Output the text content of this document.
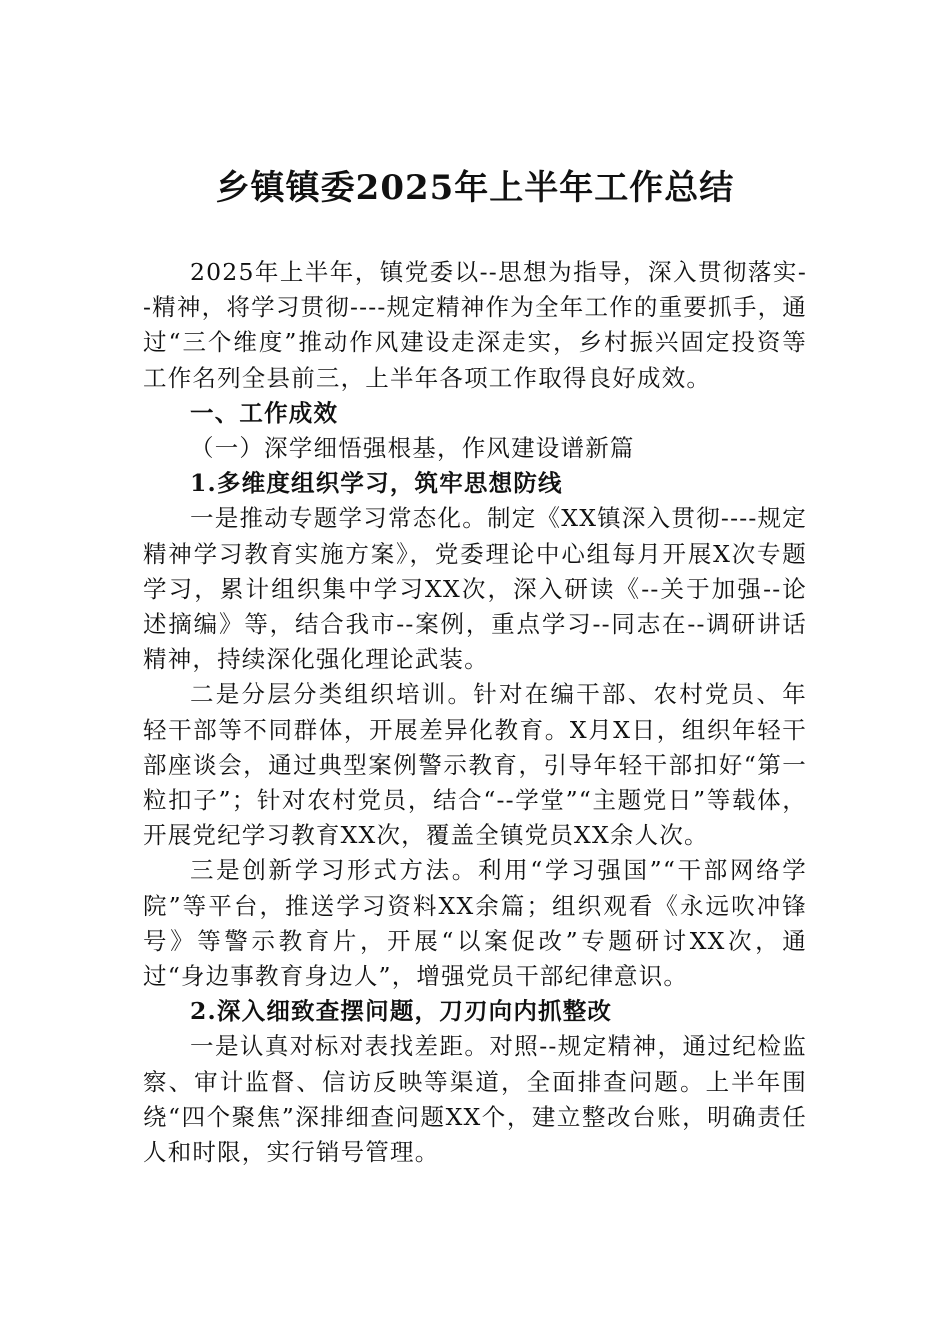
乡镇镇委2025年上半年工作总结

2025年上半年，镇党委以--思想为指导，深入贯彻落实--精神，将学习贯彻----规定精神作为全年工作的重要抓手，通过“三个维度”推动作风建设走深走实，乡村振兴固定投资等工作名列全县前三，上半年各项工作取得良好成效。

一、工作成效

（一）深学细悟强根基，作风建设谱新篇

1.多维度组织学习，筑牢思想防线

一是推动专题学习常态化。制定《XX镇深入贯彻----规定精神学习教育实施方案》，党委理论中心组每月开展X次专题学习，累计组织集中学习XX次，深入研读《--关于加强--论述摘编》等，结合我市--案例，重点学习--同志在--调研讲话精神，持续深化强化理论武装。

二是分层分类组织培训。针对在编干部、农村党员、年轻干部等不同群体，开展差异化教育。X月X日，组织年轻干部座谈会，通过典型案例警示教育，引导年轻干部扣好“第一粒扣子”；针对农村党员，结合“--学堂”“主题党日”等载体，开展党纪学习教育XX次，覆盖全镇党员XX余人次。

三是创新学习形式方法。利用“学习强国”“干部网络学院”等平台，推送学习资料XX余篇；组织观看《永远吹冲锋号》等警示教育片，开展“以案促改”专题研讨XX次，通过“身边事教育身边人”，增强党员干部纪律意识。

2.深入细致查摆问题，刀刃向内抓整改

一是认真对标对表找差距。对照--规定精神，通过纪检监察、审计监督、信访反映等渠道，全面排查问题。上半年围绕“四个聚焦”深排细查问题XX个，建立整改台账，明确责任人和时限，实行销号管理。
